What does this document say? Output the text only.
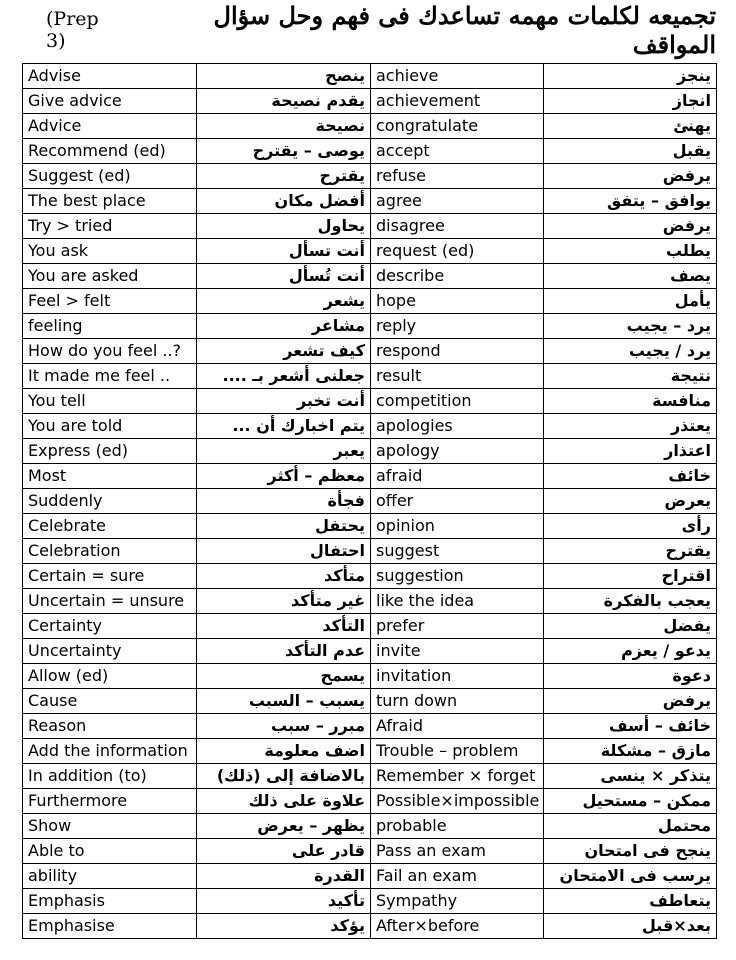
(Prep 3)
تجميعه لكلمات مهمه تساعدك فى فهم وحل سؤال المواقف
Advise	ينصح	achieve	ينجز
Give advice	يقدم نصيحة	achievement	انجاز
Advice	نصيحة	congratulate	يهنئ
Recommend (ed)	يوصى – يقترح	accept	يقبل
Suggest (ed)	يقترح	refuse	يرفض
The best place	أفضل مكان	agree	يوافق – يتفق
Try > tried	يحاول	disagree	يرفض
You ask	أنت تسأل	request (ed)	يطلب
You are asked	أنت تُسأل	describe	يصف
Feel > felt	يشعر	hope	يأمل
feeling	مشاعر	reply	يرد – يجيب
How do you feel ..?	كيف تشعر	respond	يرد / يجيب
It made me feel ..	جعلنى أشعر بـ ....	result	نتيجة
You tell	أنت تخبر	competition	منافسة
You are told	يتم اخبارك أن ...	apologies	يعتذر
Express (ed)	يعبر	apology	اعتذار
Most	معظم – أكثر	afraid	خائف
Suddenly	فجأة	offer	يعرض
Celebrate	يحتفل	opinion	رأى
Celebration	احتفال	suggest	يقترح
Certain = sure	متأكد	suggestion	اقتراح
Uncertain = unsure	غير متأكد	like the idea	يعجب بالفكرة
Certainty	التأكد	prefer	يفضل
Uncertainty	عدم التأكد	invite	يدعو / يعزم
Allow (ed)	يسمح	invitation	دعوة
Cause	يسبب – السبب	turn down	يرفض
Reason	مبرر – سبب	Afraid	خائف – أسف
Add the information	اضف معلومة	Trouble – problem	مازق – مشكلة
In addition (to)	بالاضافة إلى (ذلك)	Remember × forget	يتذكر × ينسى
Furthermore	علاوة على ذلك	Possible×impossible	ممكن – مستحيل
Show	يظهر – يعرض	probable	محتمل
Able to	قادر على	Pass an exam	ينجح فى امتحان
ability	القدرة	Fail an exam	يرسب فى الامتحان
Emphasis	تأكيد	Sympathy	يتعاطف
Emphasise	يؤكد	After×before	بعد×قبل
